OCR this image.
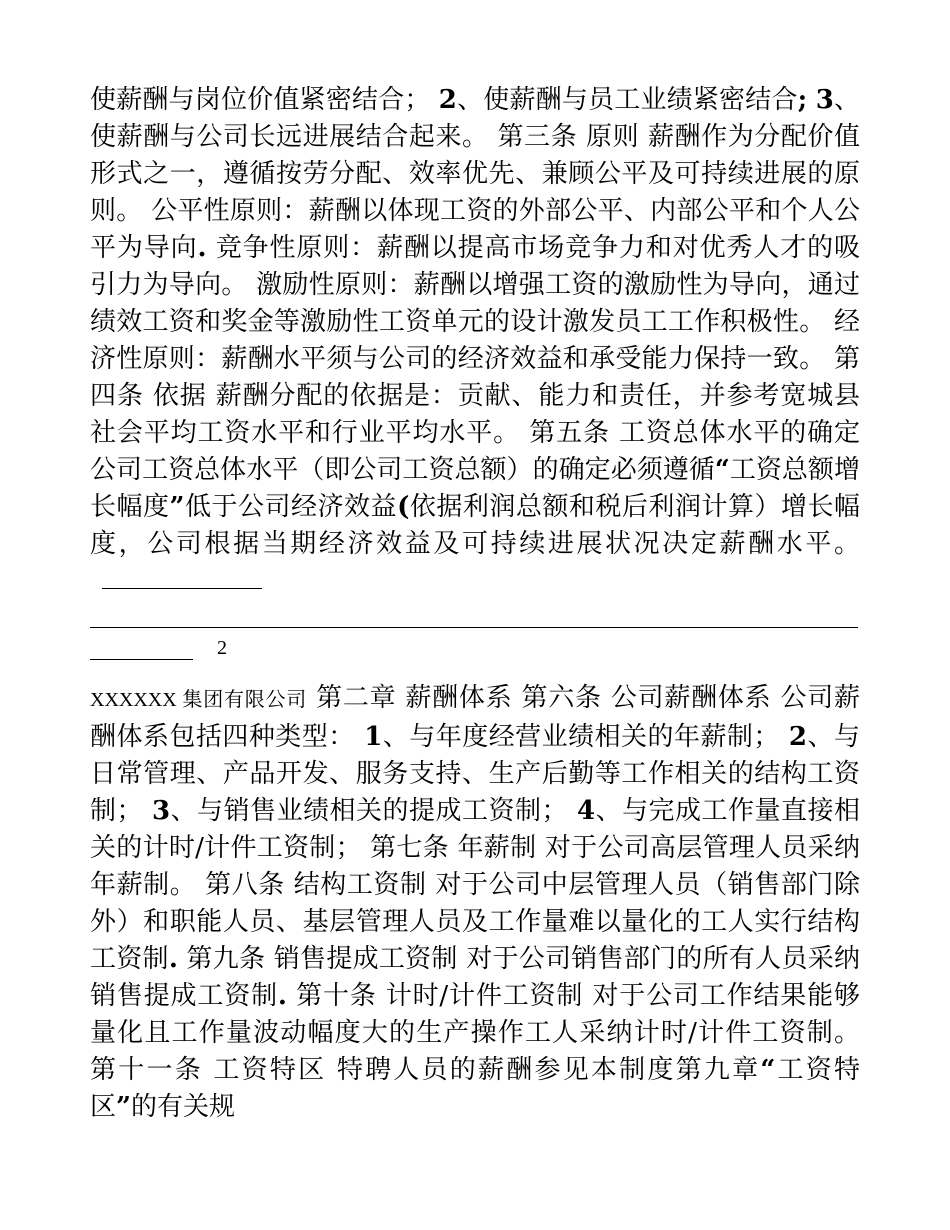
使薪酬与岗位价值紧密结合； 2、使薪酬与员工业绩紧密结合; 3、使薪酬与公司长远进展结合起来。 第三条 原则 薪酬作为分配价值形式之一，遵循按劳分配、效率优先、兼顾公平及可持续进展的原则。 公平性原则：薪酬以体现工资的外部公平、内部公平和个人公平为导向. 竞争性原则：薪酬以提高市场竞争力和对优秀人才的吸引力为导向。 激励性原则：薪酬以增强工资的激励性为导向，通过绩效工资和奖金等激励性工资单元的设计激发员工工作积极性。 经济性原则：薪酬水平须与公司的经济效益和承受能力保持一致。 第四条 依据 薪酬分配的依据是：贡献、能力和责任，并参考宽城县社会平均工资水平和行业平均水平。 第五条 工资总体水平的确定 公司工资总体水平（即公司工资总额）的确定必须遵循“工资总额增长幅度”低于公司经济效益(依据利润总额和税后利润计算）增长幅度，公司根据当期经济效益及可持续进展状况决定薪酬水平。

2

XXXXXX 集团有限公司 第二章 薪酬体系 第六条 公司薪酬体系 公司薪酬体系包括四种类型： 1、与年度经营业绩相关的年薪制； 2、与日常管理、产品开发、服务支持、生产后勤等工作相关的结构工资制； 3、与销售业绩相关的提成工资制； 4、与完成工作量直接相关的计时/计件工资制； 第七条 年薪制 对于公司高层管理人员采纳年薪制。 第八条 结构工资制 对于公司中层管理人员（销售部门除外）和职能人员、基层管理人员及工作量难以量化的工人实行结构工资制. 第九条 销售提成工资制 对于公司销售部门的所有人员采纳销售提成工资制. 第十条 计时/计件工资制 对于公司工作结果能够量化且工作量波动幅度大的生产操作工人采纳计时/计件工资制。 第十一条 工资特区 特聘人员的薪酬参见本制度第九章“工资特区”的有关规
